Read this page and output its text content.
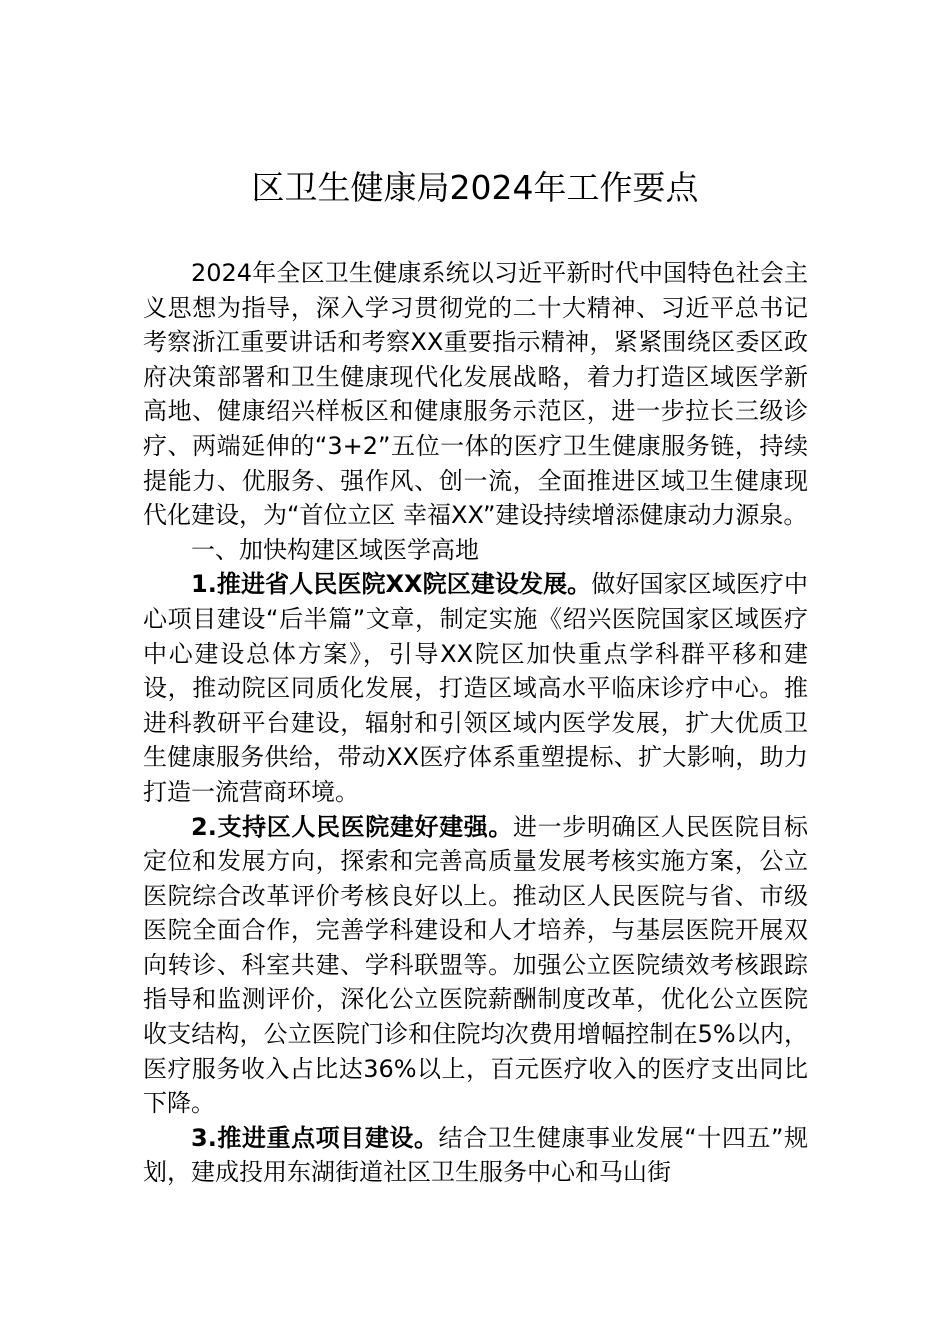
区卫生健康局2024年工作要点

2024年全区卫生健康系统以习近平新时代中国特色社会主义思想为指导，深入学习贯彻党的二十大精神、习近平总书记考察浙江重要讲话和考察XX重要指示精神，紧紧围绕区委区政府决策部署和卫生健康现代化发展战略，着力打造区域医学新高地、健康绍兴样板区和健康服务示范区，进一步拉长三级诊疗、两端延伸的“3+2”五位一体的医疗卫生健康服务链，持续提能力、优服务、强作风、创一流，全面推进区域卫生健康现代化建设，为“首位立区 幸福XX”建设持续增添健康动力源泉。

一、加快构建区域医学高地

1.推进省人民医院XX院区建设发展。做好国家区域医疗中心项目建设“后半篇”文章，制定实施《绍兴医院国家区域医疗中心建设总体方案》，引导XX院区加快重点学科群平移和建设，推动院区同质化发展，打造区域高水平临床诊疗中心。推进科教研平台建设，辐射和引领区域内医学发展，扩大优质卫生健康服务供给，带动XX医疗体系重塑提标、扩大影响，助力打造一流营商环境。

2.支持区人民医院建好建强。进一步明确区人民医院目标定位和发展方向，探索和完善高质量发展考核实施方案，公立医院综合改革评价考核良好以上。推动区人民医院与省、市级医院全面合作，完善学科建设和人才培养，与基层医院开展双向转诊、科室共建、学科联盟等。加强公立医院绩效考核跟踪指导和监测评价，深化公立医院薪酬制度改革，优化公立医院收支结构，公立医院门诊和住院均次费用增幅控制在5%以内，医疗服务收入占比达36%以上，百元医疗收入的医疗支出同比下降。

3.推进重点项目建设。结合卫生健康事业发展“十四五”规划，建成投用东湖街道社区卫生服务中心和马山街
